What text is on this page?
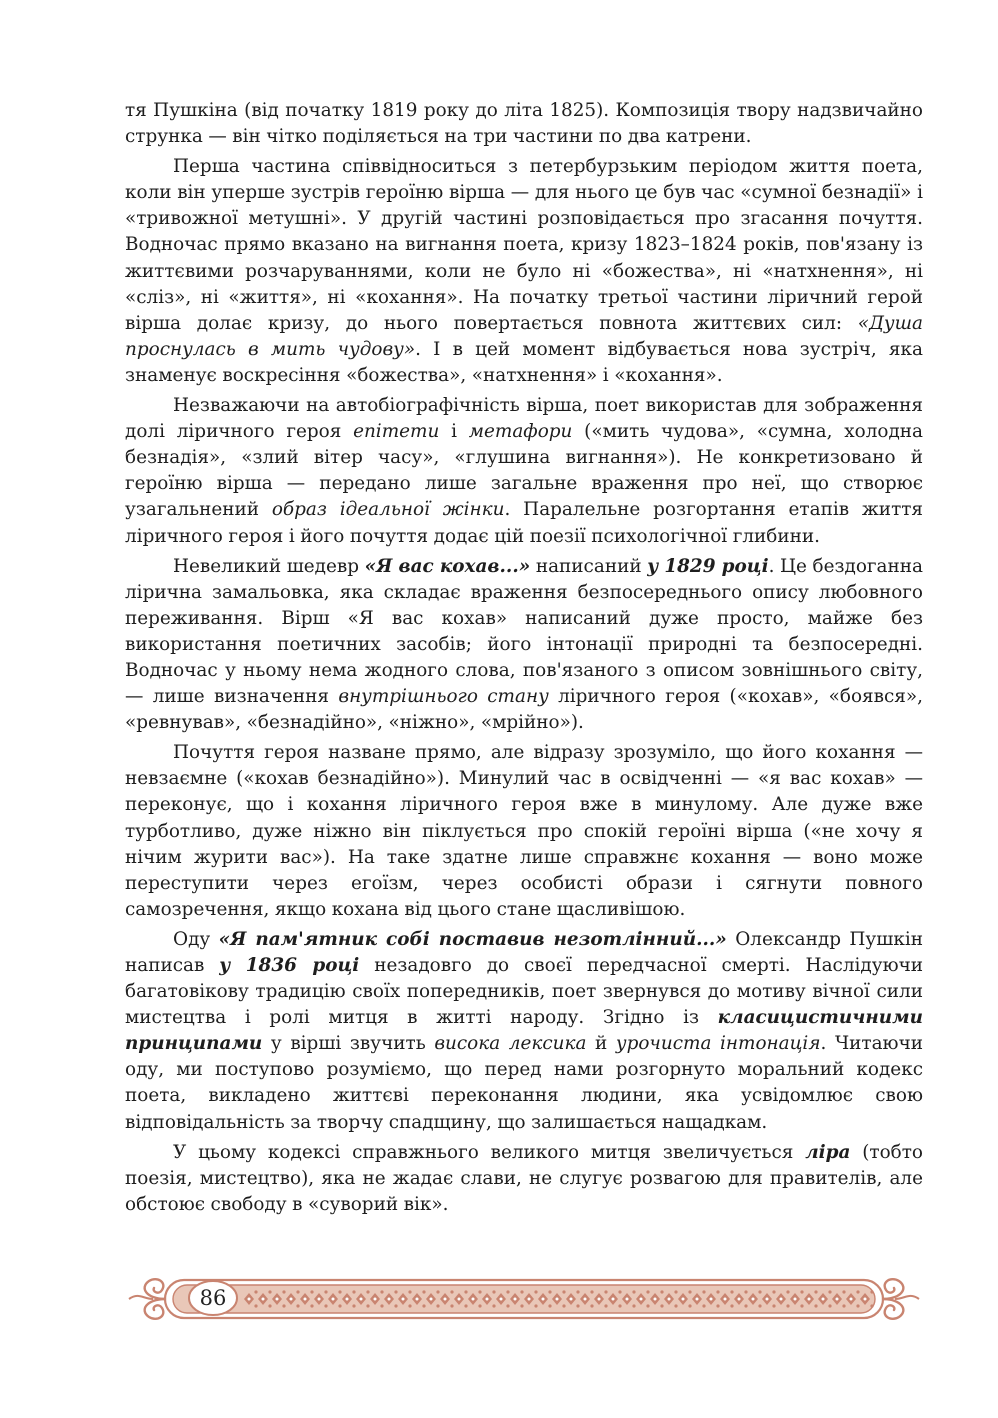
тя Пушкіна (від початку 1819 року до літа 1825). Композиція твору надзвичайно струнка — він чітко поділяється на три частини по два катрени.

Перша частина співвідноситься з петербурзьким періодом життя поета, коли він уперше зустрів героїню вірша — для нього це був час «сумної безнадії» і «тривожної метушні». У другій частині розповідається про згасання почуття. Водночас прямо вказано на вигнання поета, кризу 1823–1824 років, пов'язану із життєвими розчаруваннями, коли не було ні «божества», ні «натхнення», ні «сліз», ні «життя», ні «кохання». На початку третьої частини ліричний герой вірша долає кризу, до нього повертається повнота життєвих сил: «Душа проснулась в мить чудову». І в цей момент відбувається нова зустріч, яка знаменує воскресіння «божества», «натхнення» і «кохання».

Незважаючи на автобіографічність вірша, поет використав для зображення долі ліричного героя епітети і метафори («мить чудова», «сумна, холодна безнадія», «злий вітер часу», «глушина вигнання»). Не конкретизовано й героїню вірша — передано лише загальне враження про неї, що створює узагальнений образ ідеальної жінки. Паралельне розгортання етапів життя ліричного героя і його почуття додає цій поезії психологічної глибини.

Невеликий шедевр «Я вас кохав...» написаний у 1829 році. Це бездоганна лірична замальовка, яка складає враження безпосереднього опису любовного переживання. Вірш «Я вас кохав» написаний дуже просто, майже без використання поетичних засобів; його інтонації природні та безпосередні. Водночас у ньому нема жодного слова, пов'язаного з описом зовнішнього світу, — лише визначення внутрішнього стану ліричного героя («кохав», «боявся», «ревнував», «безнадійно», «ніжно», «мрійно»).

Почуття героя назване прямо, але відразу зрозуміло, що його кохання — невзаємне («кохав безнадійно»). Минулий час в освідченні — «я вас кохав» — переконує, що і кохання ліричного героя вже в минулому. Але дуже вже турботливо, дуже ніжно він піклується про спокій героїні вірша («не хочу я нічим журити вас»). На таке здатне лише справжнє кохання — воно може переступити через егоїзм, через особисті образи і сягнути повного самозречення, якщо кохана від цього стане щасливішою.

Оду «Я пам'ятник собі поставив незотлінний...» Олександр Пушкін написав у 1836 році незадовго до своєї передчасної смерті. Наслідуючи багатовікову традицію своїх попередників, поет звернувся до мотиву вічної сили мистецтва і ролі митця в житті народу. Згідно із класицистичними принципами у вірші звучить висока лексика й урочиста інтонація. Читаючи оду, ми поступово розуміємо, що перед нами розгорнуто моральний кодекс поета, викладено життєві переконання людини, яка усвідомлює свою відповідальність за творчу спадщину, що залишається нащадкам.

У цьому кодексі справжнього великого митця звеличується ліра (тобто поезія, мистецтво), яка не жадає слави, не слугує розвагою для правителів, але обстоює свободу в «суворий вік».

86
